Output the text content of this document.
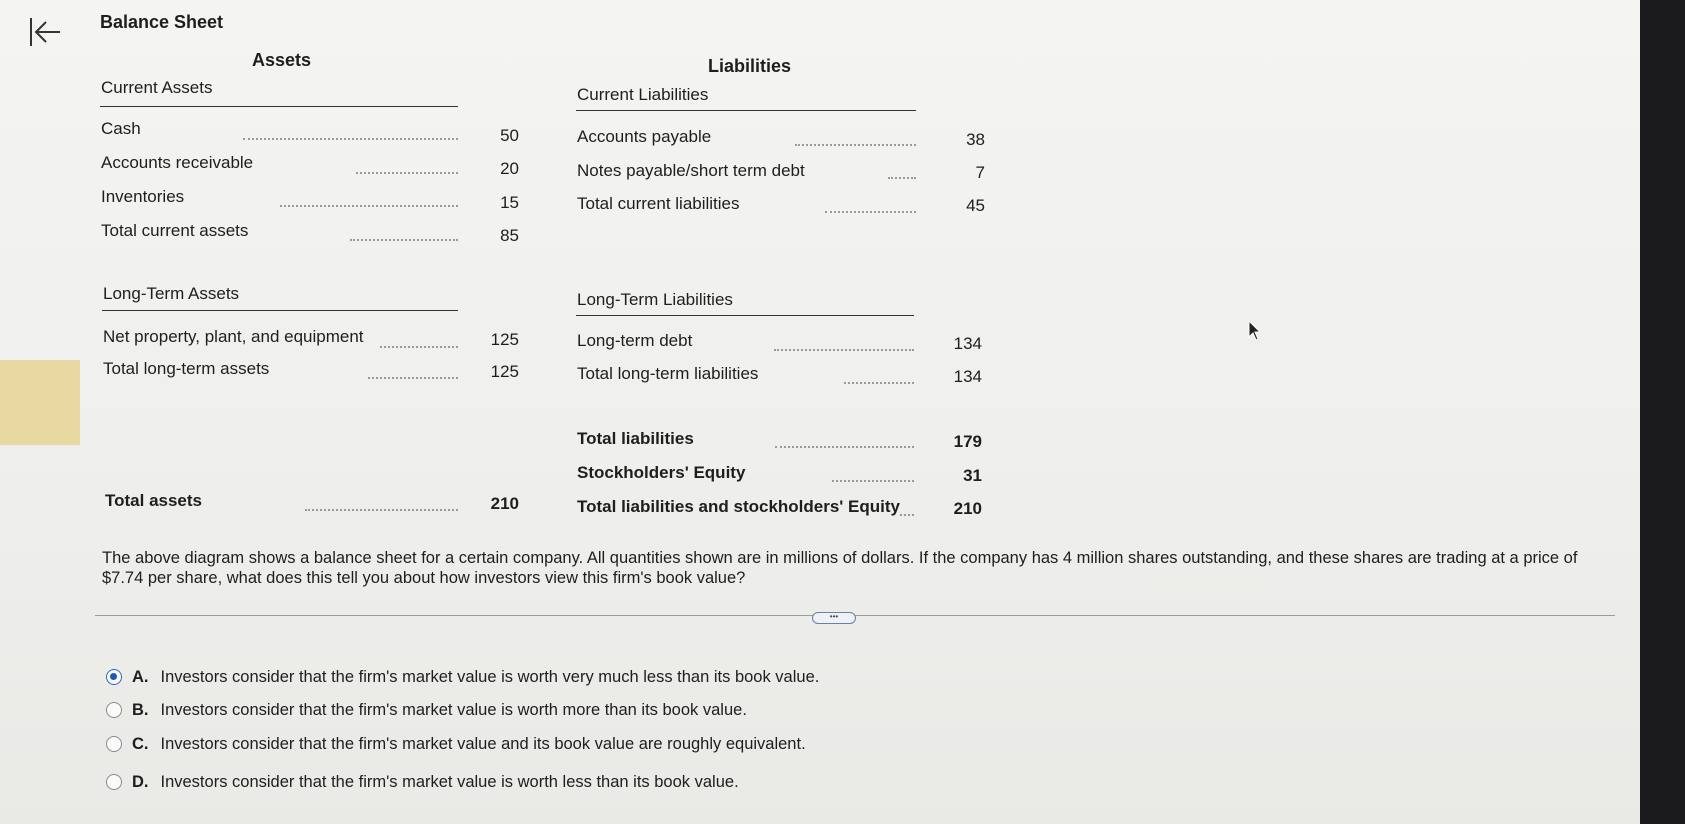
Balance Sheet
Assets
Current Assets
Cash	50
Accounts receivable	20
Inventories	15
Total current assets	85
Long-Term Assets
Net property, plant, and equipment	125
Total long-term assets	125
Total assets	210
Liabilities
Current Liabilities
Accounts payable	38
Notes payable/short term debt	7
Total current liabilities	45
Long-Term Liabilities
Long-term debt	134
Total long-term liabilities	134
Total liabilities	179
Stockholders' Equity	31
Total liabilities and stockholders' Equity	210
The above diagram shows a balance sheet for a certain company. All quantities shown are in millions of dollars. If the company has 4 million shares outstanding, and these shares are trading at a price of $7.74 per share, what does this tell you about how investors view this firm's book value?
•••
A. Investors consider that the firm's market value is worth very much less than its book value.
B. Investors consider that the firm's market value is worth more than its book value.
C. Investors consider that the firm's market value and its book value are roughly equivalent.
D. Investors consider that the firm's market value is worth less than its book value.
